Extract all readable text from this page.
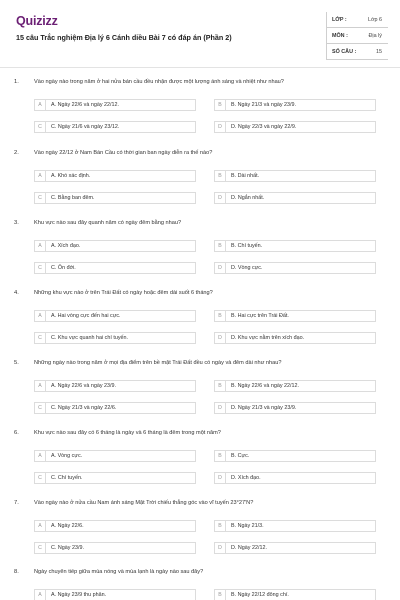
Quizizz
15 câu Trắc nghiệm Địa lý 6 Cánh diều Bài 7 có đáp án (Phần 2)
LỚP :	Lớp 6
MÔN :	Địa lý
SỐ CÂU :	15
1.	Vào ngày nào trong năm ở hai nửa bán cầu đều nhận được một lượng ánh sáng và nhiệt như nhau?
A	A. Ngày 22/6 và ngày 22/12.	B	B. Ngày 21/3 và ngày 23/9.
C	C. Ngày 21/6 và ngày 23/12.	D	D. Ngày 22/3 và ngày 22/9.
2.	Vào ngày 22/12 ở Nam Bán Cầu có thời gian ban ngày diễn ra thế nào?
A	A. Khó xác định.	B	B. Dài nhất.
C	C. Bằng ban đêm.	D	D. Ngắn nhất.
3.	Khu vực nào sau đây quanh năm có ngày đêm bằng nhau?
A	A. Xích đạo.	B	B. Chí tuyến.
C	C. Ôn đới.	D	D. Vòng cực.
4.	Những khu vực nào ở trên Trái Đất có ngày hoặc đêm dài suốt 6 tháng?
A	A. Hai vòng cực đến hai cực.	B	B. Hai cực trên Trái Đất.
C	C. Khu vực quanh hai chí tuyến.	D	D. Khu vực nằm trên xích đạo.
5.	Những ngày nào trong năm ở mọi địa điểm trên bề mặt Trái Đất đều có ngày và đêm dài như nhau?
A	A. Ngày 22/6 và ngày 23/9.	B	B. Ngày 22/6 và ngày 22/12.
C	C. Ngày 21/3 và ngày 22/6.	D	D. Ngày 21/3 và ngày 23/9.
6.	Khu vực nào sau đây có 6 tháng là ngày và 6 tháng là đêm trong một năm?
A	A. Vòng cực.	B	B. Cực.
C	C. Chí tuyến.	D	D. Xích đạo.
7.	Vào ngày nào ở nửa cầu Nam ánh sáng Mặt Trời chiếu thẳng góc vào vĩ tuyến 23°27'N?
A	A. Ngày 22/6.	B	B. Ngày 21/3.
C	C. Ngày 23/9.	D	D. Ngày 22/12.
8.	Ngày chuyển tiếp giữa mùa nóng và mùa lạnh là ngày nào sau đây?
A	A. Ngày 23/9 thu phân.	B	B. Ngày 22/12 đông chí.
